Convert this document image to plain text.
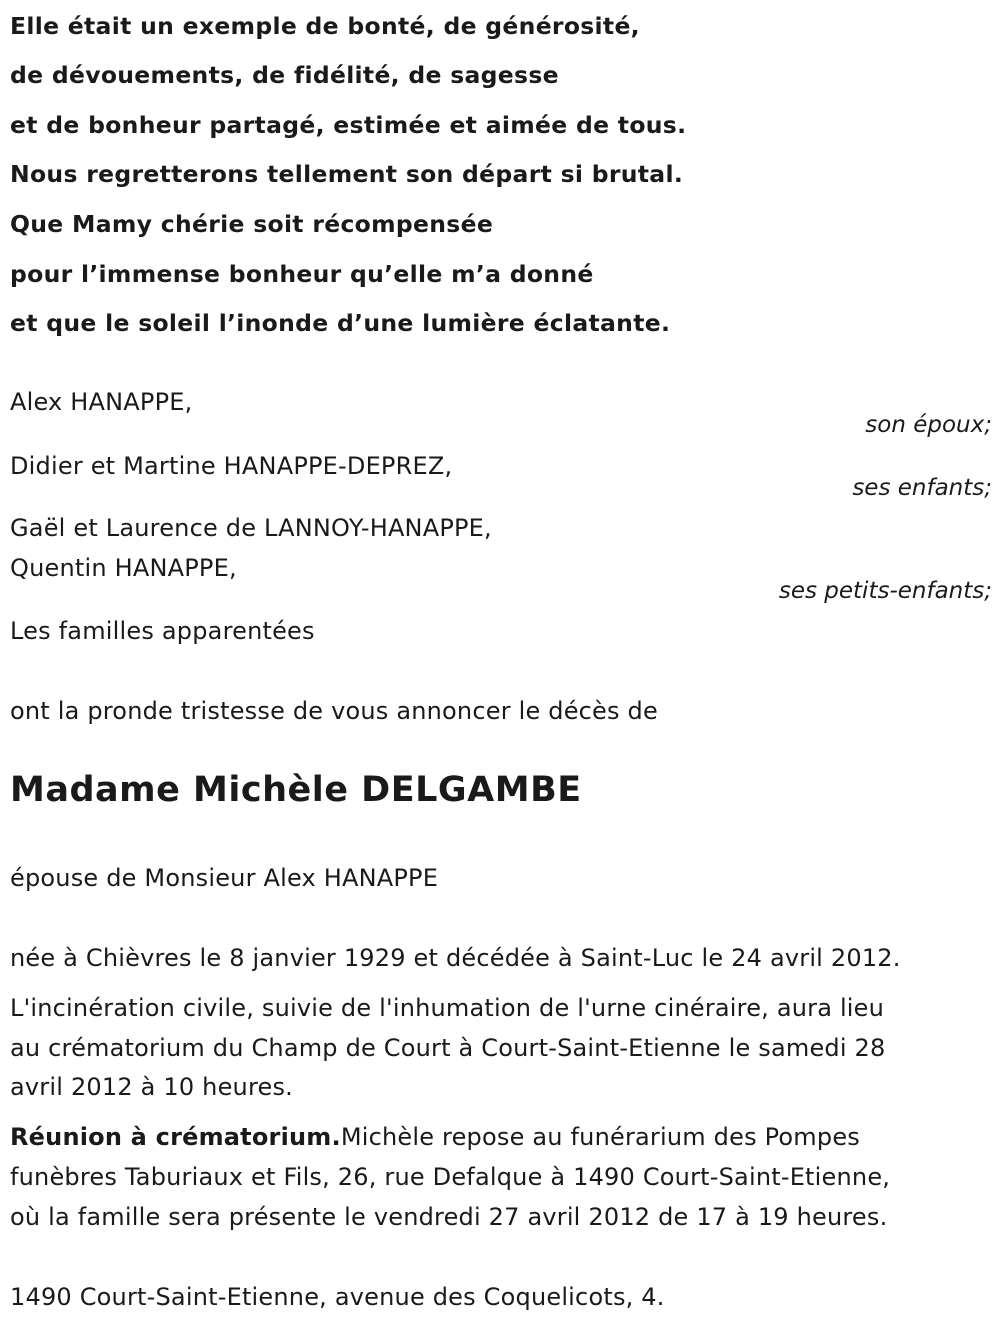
Elle était un exemple de bonté, de générosité,
de dévouements, de fidélité, de sagesse
et de bonheur partagé, estimée et aimée de tous.
Nous regretterons tellement son départ si brutal.
Que Mamy chérie soit récompensée
pour l’immense bonheur qu’elle m’a donné
et que le soleil l’inonde d’une lumière éclatante.
Alex HANAPPE,
son époux;
Didier et Martine HANAPPE-DEPREZ,
ses enfants;
Gaël et Laurence de LANNOY-HANAPPE,
Quentin HANAPPE,
ses petits-enfants;
Les familles apparentées
ont la pronde tristesse de vous annoncer le décès de
Madame Michèle DELGAMBE
épouse de Monsieur Alex HANAPPE
née à Chièvres le 8 janvier 1929 et décédée à Saint-Luc le 24 avril 2012.
L'incinération civile, suivie de l'inhumation de l'urne cinéraire, aura lieu
au crématorium du Champ de Court à Court-Saint-Etienne le samedi 28
avril 2012 à 10 heures.
Réunion à crématorium.Michèle repose au funérarium des Pompes
funèbres Taburiaux et Fils, 26, rue Defalque à 1490 Court-Saint-Etienne,
où la famille sera présente le vendredi 27 avril 2012 de 17 à 19 heures.
1490 Court-Saint-Etienne, avenue des Coquelicots, 4.
